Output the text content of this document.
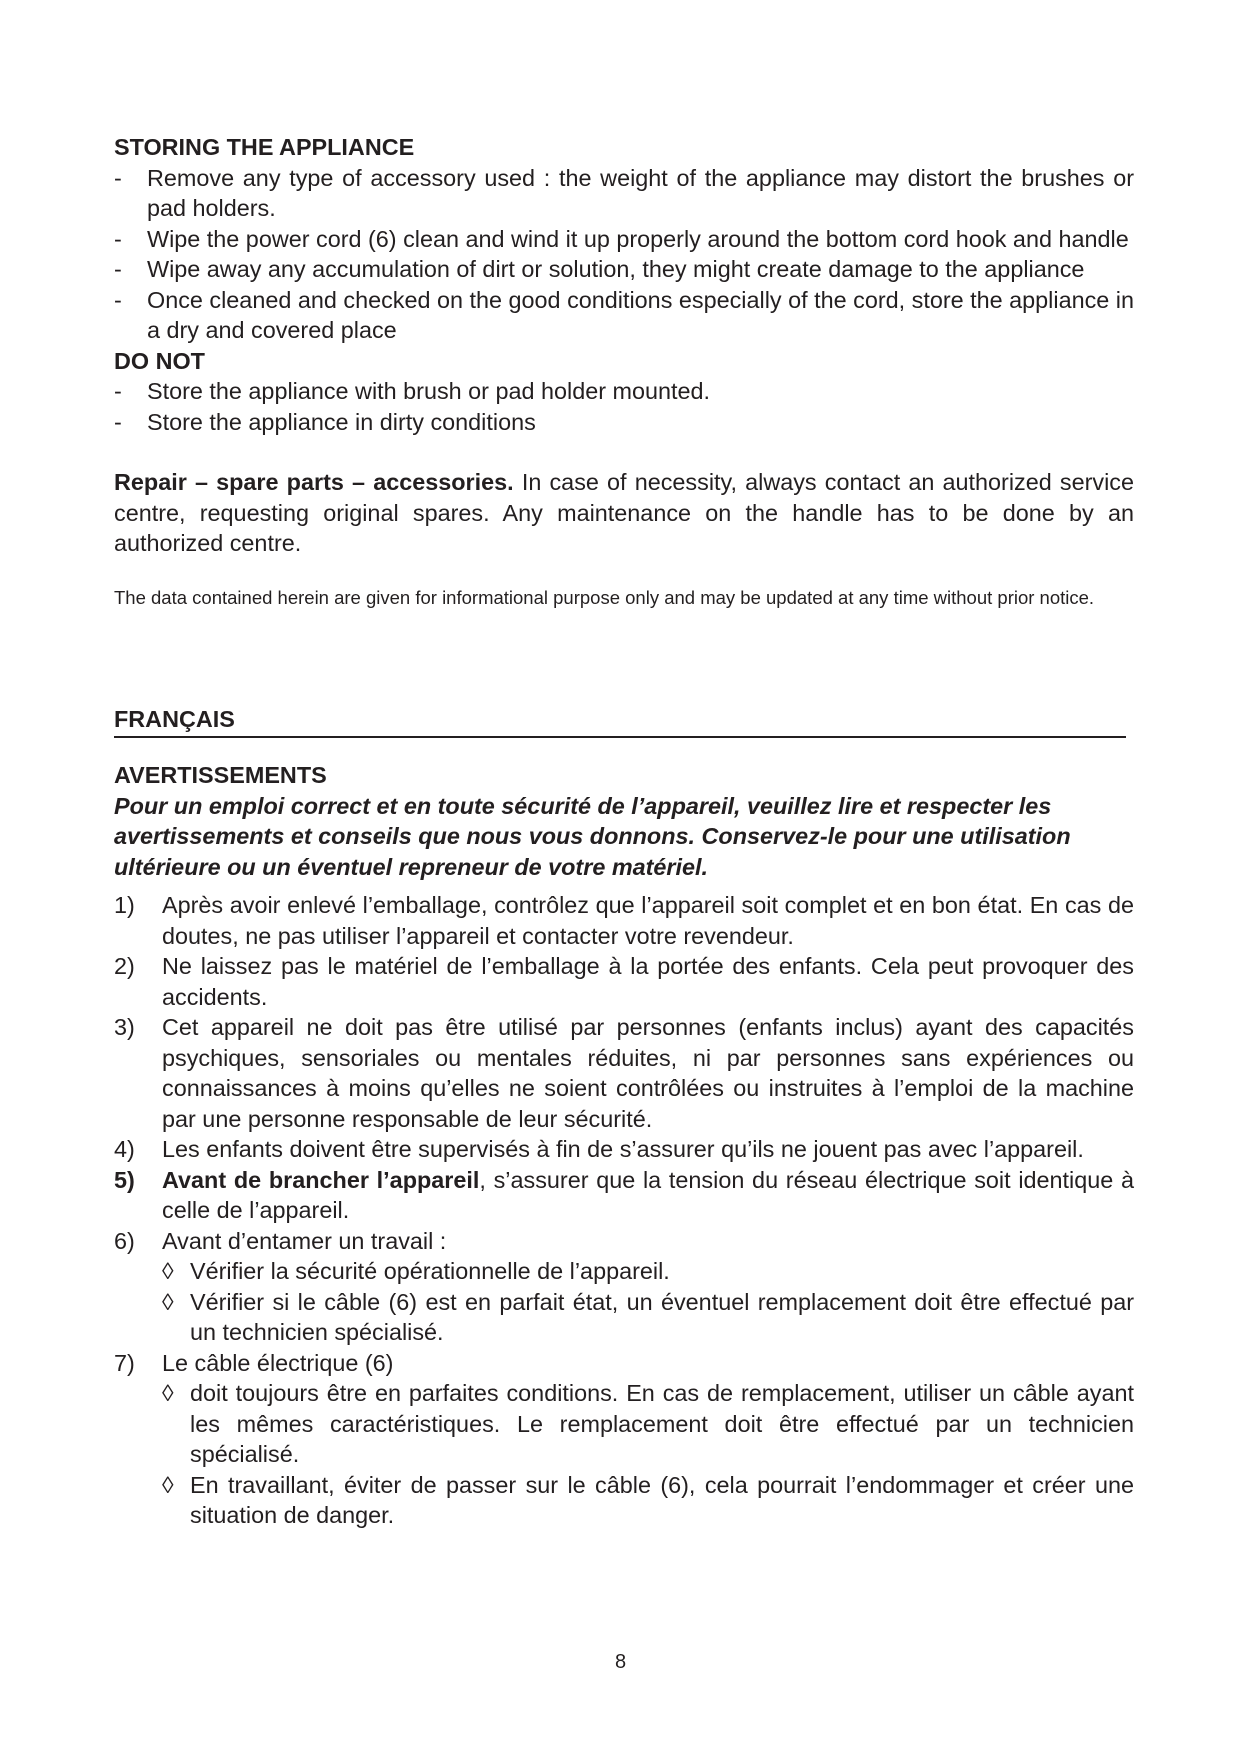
STORING THE APPLIANCE
- Remove any type of accessory used : the weight of the appliance may distort the brushes or pad holders.
- Wipe the power cord (6) clean and wind it up properly around the bottom cord hook and handle
- Wipe away any accumulation of dirt or solution, they might create damage to the appliance
- Once cleaned and checked on the good conditions especially of the cord, store the appliance in a dry and covered place
DO NOT
- Store the appliance with brush or pad holder mounted.
- Store the appliance in dirty conditions

Repair – spare parts – accessories. In case of necessity, always contact an authorized service centre, requesting original spares. Any maintenance on the handle has to be done by an authorized centre.

The data contained herein are given for informational purpose only and may be updated at any time without prior notice.

FRANÇAIS
AVERTISSEMENTS

Pour un emploi correct et en toute sécurité de l’appareil, veuillez lire et respecter les avertissements et conseils que nous vous donnons. Conservez-le pour une utilisation ultérieure ou un éventuel repreneur de votre matériel.

1) Après avoir enlevé l’emballage, contrôlez que l’appareil soit complet et en bon état. En cas de doutes, ne pas utiliser l’appareil et contacter votre revendeur.
2) Ne laissez pas le matériel de l’emballage à la portée des enfants. Cela peut provoquer des accidents.
3) Cet appareil ne doit pas être utilisé par personnes (enfants inclus) ayant des capacités psychiques, sensoriales ou mentales réduites, ni par personnes sans expériences ou connaissances à moins qu’elles ne soient contrôlées ou instruites à l’emploi de la machine par une personne responsable de leur sécurité.
4) Les enfants doivent être supervisés à fin de s’assurer qu’ils ne jouent pas avec l’appareil.
5) Avant de brancher l’appareil, s’assurer que la tension du réseau électrique soit identique à celle de l’appareil.
6) Avant d’entamer un travail :
◊ Vérifier la sécurité opérationnelle de l’appareil.
◊ Vérifier si le câble (6) est en parfait état, un éventuel remplacement doit être effectué par un technicien spécialisé.
7) Le câble électrique (6)
◊ doit toujours être en parfaites conditions. En cas de remplacement, utiliser un câble ayant les mêmes caractéristiques. Le remplacement doit être effectué par un technicien spécialisé.
◊ En travaillant, éviter de passer sur le câble (6), cela pourrait l’endommager et créer une situation de danger.
8
